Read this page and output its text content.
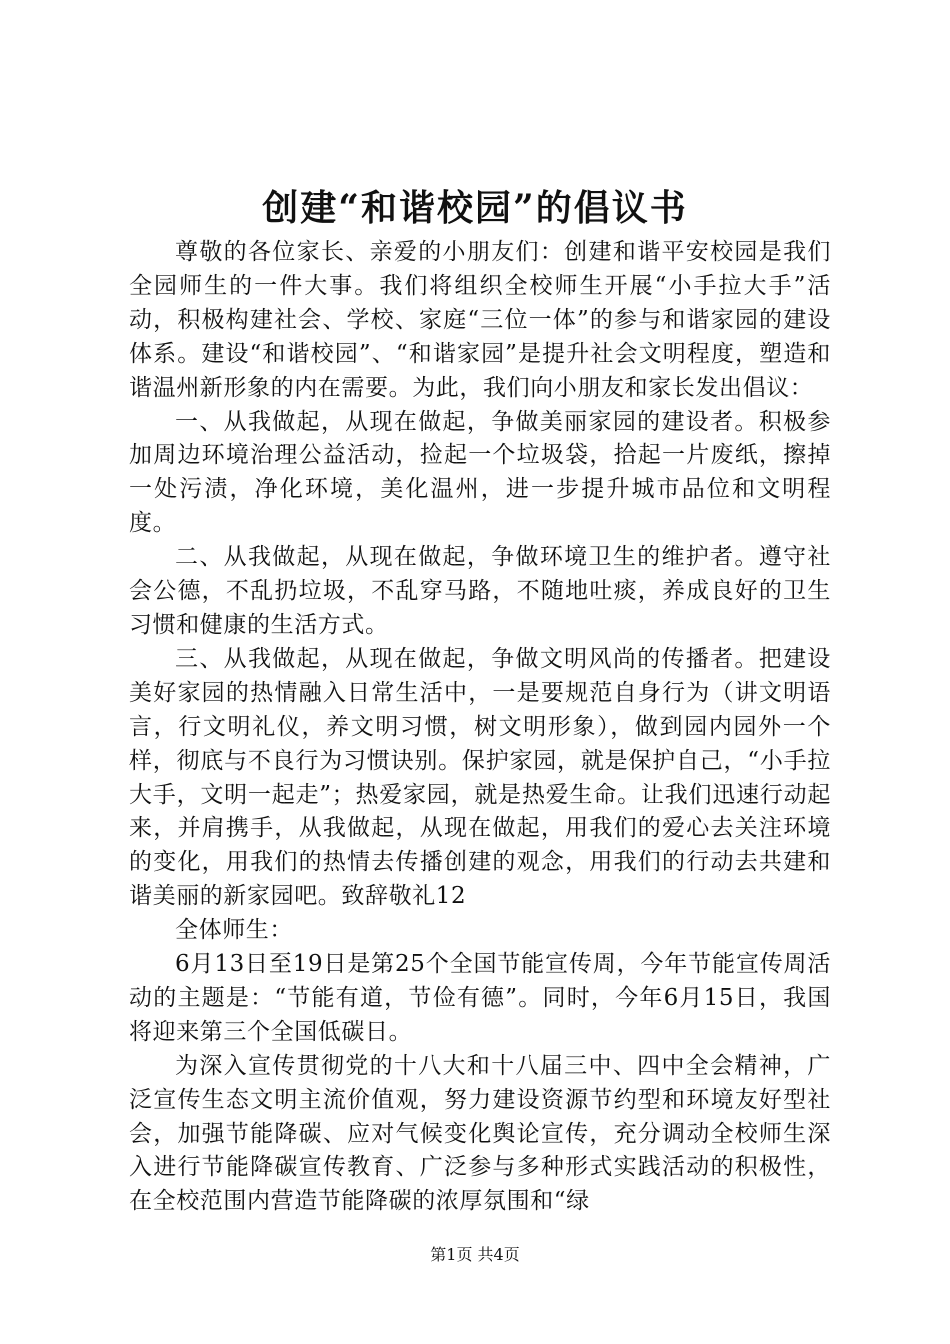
创建“和谐校园”的倡议书

尊敬的各位家长、亲爱的小朋友们：创建和谐平安校园是我们全园师生的一件大事。我们将组织全校师生开展“小手拉大手”活动，积极构建社会、学校、家庭“三位一体”的参与和谐家园的建设体系。建设“和谐校园”、“和谐家园”是提升社会文明程度，塑造和谐温州新形象的内在需要。为此，我们向小朋友和家长发出倡议：

一、从我做起，从现在做起，争做美丽家园的建设者。积极参加周边环境治理公益活动，捡起一个垃圾袋，拾起一片废纸，擦掉一处污渍，净化环境，美化温州，进一步提升城市品位和文明程度。

二、从我做起，从现在做起，争做环境卫生的维护者。遵守社会公德，不乱扔垃圾，不乱穿马路，不随地吐痰，养成良好的卫生习惯和健康的生活方式。

三、从我做起，从现在做起，争做文明风尚的传播者。把建设美好家园的热情融入日常生活中，一是要规范自身行为（讲文明语言，行文明礼仪，养文明习惯，树文明形象），做到园内园外一个样，彻底与不良行为习惯诀别。保护家园，就是保护自己，“小手拉大手，文明一起走”；热爱家园，就是热爱生命。让我们迅速行动起来，并肩携手，从我做起，从现在做起，用我们的爱心去关注环境的变化，用我们的热情去传播创建的观念，用我们的行动去共建和谐美丽的新家园吧。致辞敬礼12

全体师生：

6月13日至19日是第25个全国节能宣传周，今年节能宣传周活动的主题是：“节能有道，节俭有德”。同时，今年6月15日，我国将迎来第三个全国低碳日。

为深入宣传贯彻党的十八大和十八届三中、四中全会精神，广泛宣传生态文明主流价值观，努力建设资源节约型和环境友好型社会，加强节能降碳、应对气候变化舆论宣传，充分调动全校师生深入进行节能降碳宣传教育、广泛参与多种形式实践活动的积极性，在全校范围内营造节能降碳的浓厚氛围和“绿

第1页 共4页
